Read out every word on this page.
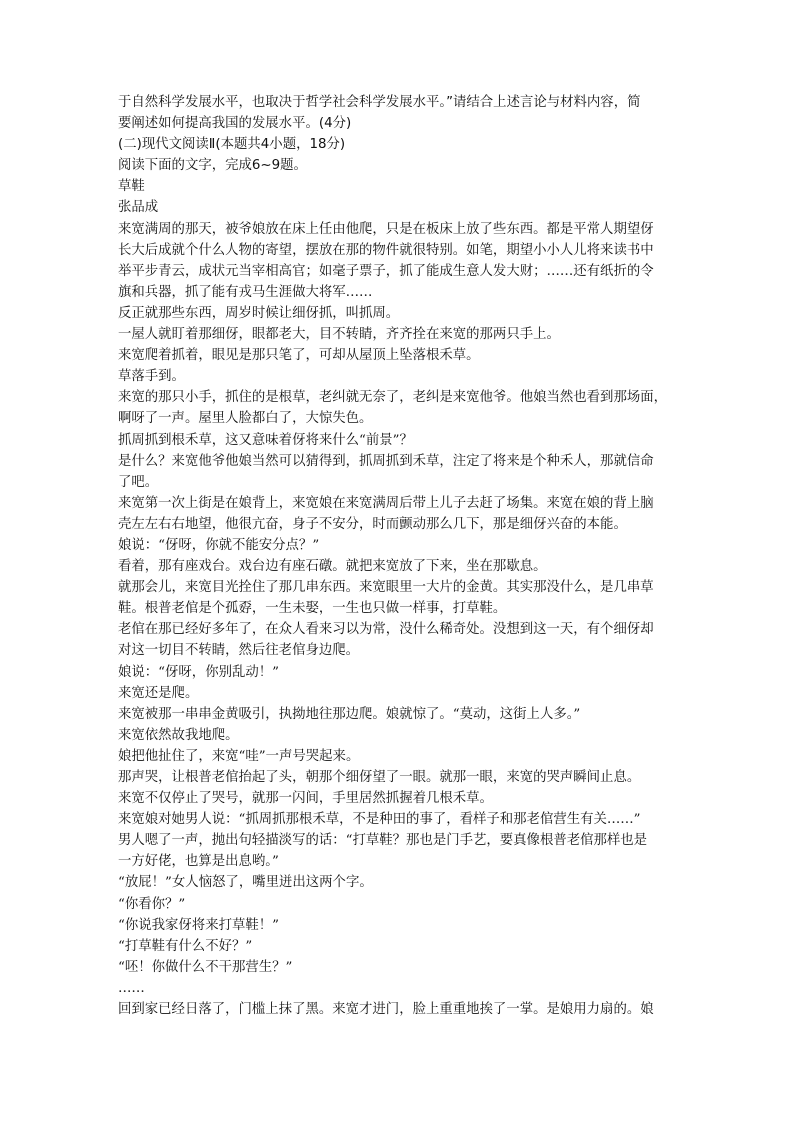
于自然科学发展水平，也取决于哲学社会科学发展水平。”请结合上述言论与材料内容，简
要阐述如何提高我国的发展水平。(4分)
(二)现代文阅读Ⅱ(本题共4小题，18分)
阅读下面的文字，完成6~9题。
草鞋
张品成
来宽满周的那天，被爷娘放在床上任由他爬，只是在板床上放了些东西。都是平常人期望伢
长大后成就个什么人物的寄望，摆放在那的物件就很特别。如笔，期望小小人儿将来读书中
举平步青云，成状元当宰相高官；如毫子票子，抓了能成生意人发大财；……还有纸折的令
旗和兵器，抓了能有戎马生涯做大将军……
反正就那些东西，周岁时候让细伢抓，叫抓周。
一屋人就盯着那细伢，眼都老大，目不转睛，齐齐拴在来宽的那两只手上。
来宽爬着抓着，眼见是那只笔了，可却从屋顶上坠落根禾草。
草落手到。
来宽的那只小手，抓住的是根草，老纠就无奈了，老纠是来宽他爷。他娘当然也看到那场面，
啊呀了一声。屋里人脸都白了，大惊失色。
抓周抓到根禾草，这又意味着伢将来什么“前景”？
是什么？来宽他爷他娘当然可以猜得到，抓周抓到禾草，注定了将来是个种禾人，那就信命
了吧。
来宽第一次上街是在娘背上，来宽娘在来宽满周后带上儿子去赶了场集。来宽在娘的背上脑
壳左左右右地望，他很亢奋，身子不安分，时而颤动那么几下，那是细伢兴奋的本能。
娘说：“伢呀，你就不能安分点？”
看着，那有座戏台。戏台边有座石礅。就把来宽放了下来，坐在那歇息。
就那会儿，来宽目光拴住了那几串东西。来宽眼里一大片的金黄。其实那没什么，是几串草
鞋。根普老倌是个孤孬，一生未娶，一生也只做一样事，打草鞋。
老倌在那已经好多年了，在众人看来习以为常，没什么稀奇处。没想到这一天，有个细伢却
对这一切目不转睛，然后往老倌身边爬。
娘说：“伢呀，你别乱动！”
来宽还是爬。
来宽被那一串串金黄吸引，执拗地往那边爬。娘就惊了。“莫动，这街上人多。”
来宽依然故我地爬。
娘把他扯住了，来宽“哇”一声号哭起来。
那声哭，让根普老倌抬起了头，朝那个细伢望了一眼。就那一眼，来宽的哭声瞬间止息。
来宽不仅停止了哭号，就那一闪间，手里居然抓握着几根禾草。
来宽娘对她男人说：“抓周抓那根禾草，不是种田的事了，看样子和那老倌营生有关……”
男人嗯了一声，抛出句轻描淡写的话：“打草鞋？那也是门手艺，要真像根普老倌那样也是
一方好佬，也算是出息哟。”
“放屁！”女人恼怒了，嘴里迸出这两个字。
“你看你？”
“你说我家伢将来打草鞋！”
“打草鞋有什么不好？”
“呸！你做什么不干那营生？”
……
回到家已经日落了，门槛上抹了黑。来宽才进门，脸上重重地挨了一掌。是娘用力扇的。娘
